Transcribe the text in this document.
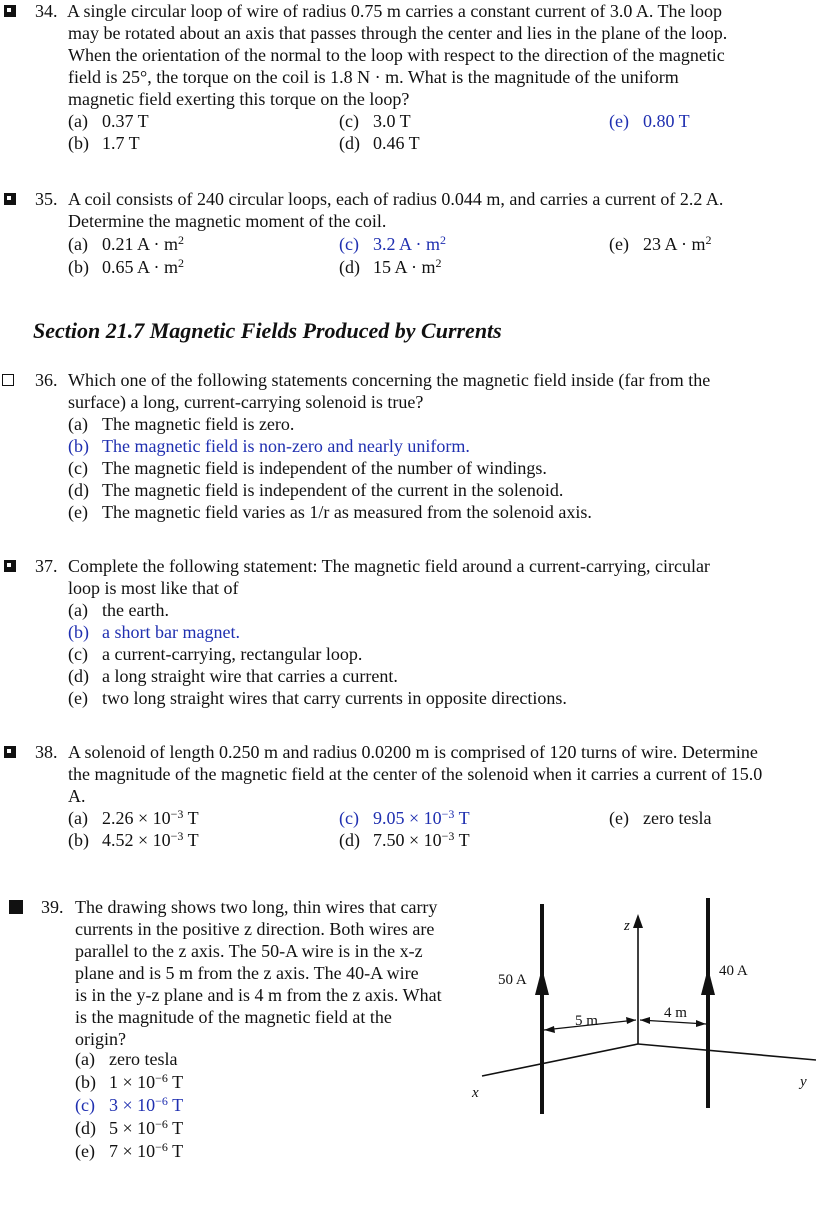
34. A single circular loop of wire of radius 0.75 m carries a constant current of 3.0 A. The loop
may be rotated about an axis that passes through the center and lies in the plane of the loop.
When the orientation of the normal to the loop with respect to the direction of the magnetic
field is 25°, the torque on the coil is 1.8 N · m. What is the magnitude of the uniform
magnetic field exerting this torque on the loop?
(a) 0.37 T
(b) 1.7 T
(c) 3.0 T
(d) 0.46 T
(e) 0.80 T
35. A coil consists of 240 circular loops, each of radius 0.044 m, and carries a current of 2.2 A.
Determine the magnetic moment of the coil.
(a) 0.21 $A \cdot m^2$
(b) 0.65 $A \cdot m^2$
(c) 3.2 $A \cdot m^2$
(d) 15 $A \cdot m^2$
(e) 23 $A \cdot m^2$
Section 21.7 Magnetic Fields Produced by Currents
36. Which one of the following statements concerning the magnetic field inside (far from the
surface) a long, current-carrying solenoid is true?
(a) The magnetic field is zero.
(b) The magnetic field is non-zero and nearly uniform.
(c) The magnetic field is independent of the number of windings.
(d) The magnetic field is independent of the current in the solenoid.
(e) The magnetic field varies as 1/r as measured from the solenoid axis.
37. Complete the following statement: The magnetic field around a current-carrying, circular
loop is most like that of
(a) the earth.
(b) a short bar magnet.
(c) a current-carrying, rectangular loop.
(d) a long straight wire that carries a current.
(e) two long straight wires that carry currents in opposite directions.
38. A solenoid of length 0.250 m and radius 0.0200 m is comprised of 120 turns of wire. Determine
the magnitude of the magnetic field at the center of the solenoid when it carries a current of 15.0
A.
(a) $2.26 \times 10^{-3}$ T
(b) $4.52 \times 10^{-3}$ T
(c) $9.05 \times 10^{-3}$ T
(d) $7.50 \times 10^{-3}$ T
(e) zero tesla
39. The drawing shows two long, thin wires that carry
currents in the positive z direction. Both wires are
parallel to the z axis. The 50-A wire is in the x-z
plane and is 5 m from the z axis. The 40-A wire
is in the y-z plane and is 4 m from the z axis. What
is the magnitude of the magnetic field at the
origin?
(a) zero tesla
(b) $1 \times 10^{-6}$ T
(c) $3 \times 10^{-6}$ T
(d) $5 \times 10^{-6}$ T
(e) $7 \times 10^{-6}$ T
z
x
y
50 A
40 A
5 m	4 m
